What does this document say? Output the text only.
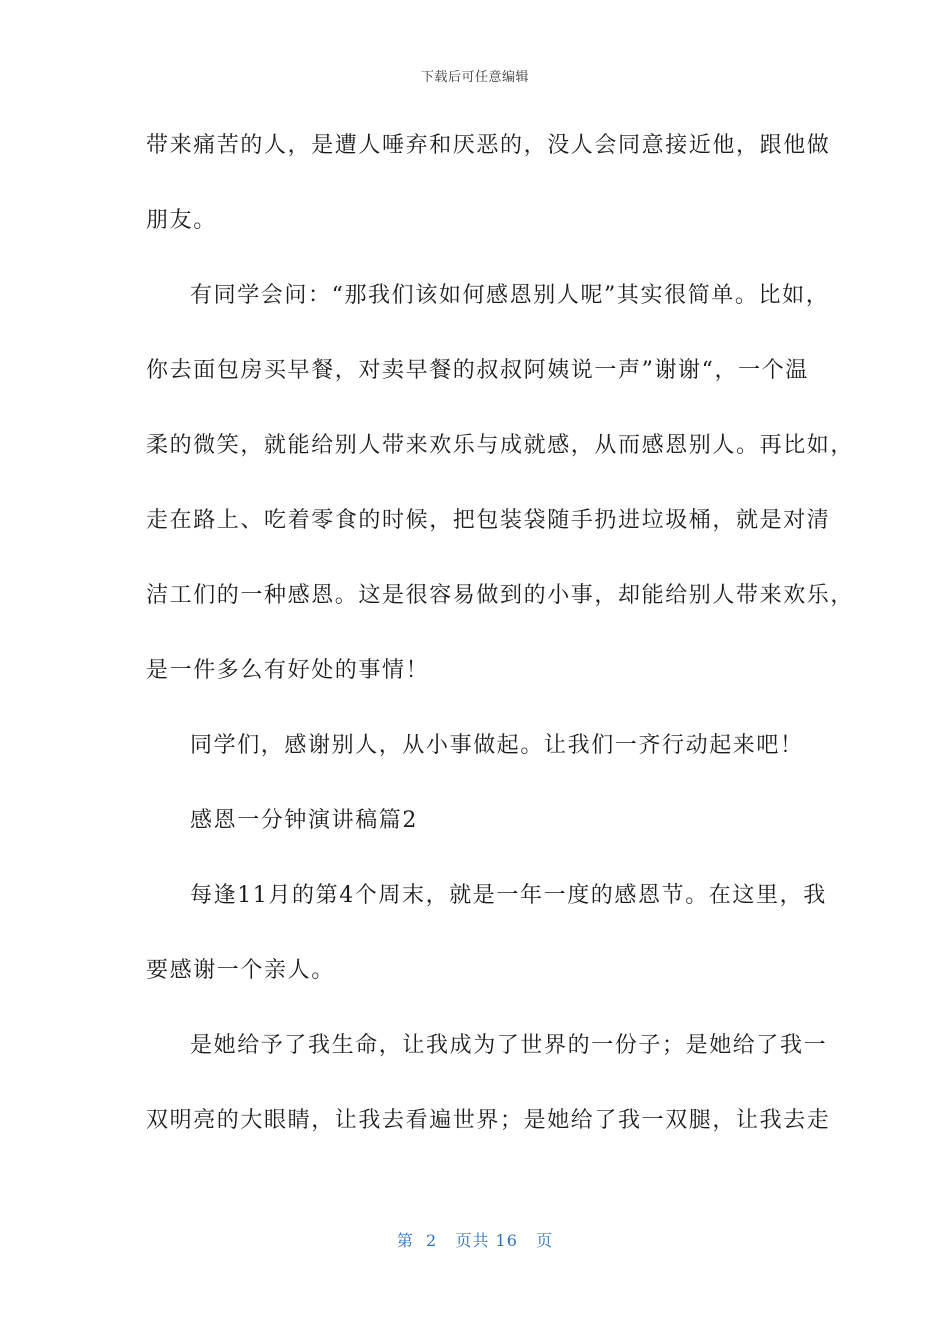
下载后可任意编辑
带来痛苦的人，是遭人唾弃和厌恶的，没人会同意接近他，跟他做
朋友。
有同学会问：“那我们该如何感恩别人呢”其实很简单。比如，
你去面包房买早餐，对卖早餐的叔叔阿姨说一声”谢谢“，一个温
柔的微笑，就能给别人带来欢乐与成就感，从而感恩别人。再比如，
走在路上、吃着零食的时候，把包装袋随手扔进垃圾桶，就是对清
洁工们的一种感恩。这是很容易做到的小事，却能给别人带来欢乐，
是一件多么有好处的事情！
同学们，感谢别人，从小事做起。让我们一齐行动起来吧！
感恩一分钟演讲稿篇2
每逢11月的第4个周末，就是一年一度的感恩节。在这里，我
要感谢一个亲人。
是她给予了我生命，让我成为了世界的一份子；是她给了我一
双明亮的大眼睛，让我去看遍世界；是她给了我一双腿，让我去走
第  2   页共 16   页
